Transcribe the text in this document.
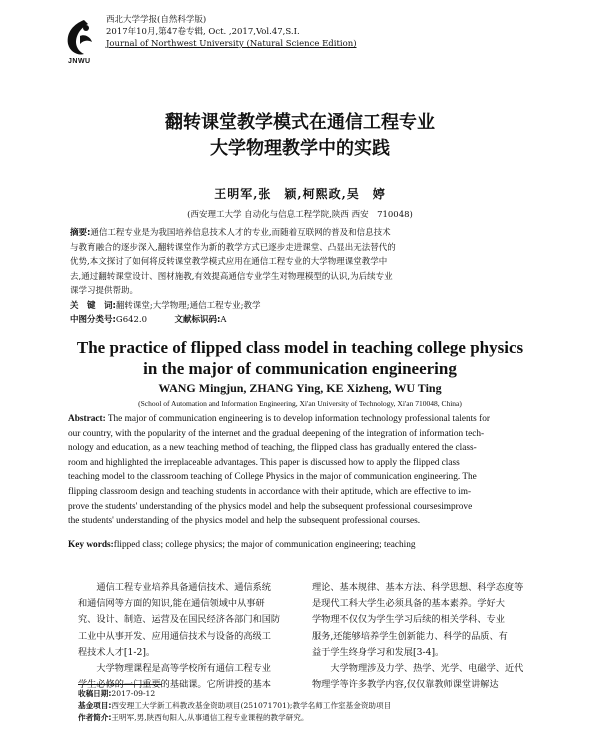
JNWU
西北大学学报(自然科学版)
2017年10月,第47卷专辑, Oct. ,2017,Vol.47,S.I.
Journal of Northwest University (Natural Science Edition)
翻转课堂教学模式在通信工程专业
大学物理教学中的实践
王明军,张　颖,柯熙政,吴　婷
(西安理工大学 自动化与信息工程学院,陕西 西安　710048)
摘要:通信工程专业是为我国培养信息技术人才的专业,而随着互联网的普及和信息技术
与教育融合的逐步深入,翻转课堂作为新的教学方式已逐步走进课堂、凸显出无法替代的
优势,本文探讨了如何将反转课堂教学模式应用在通信工程专业的大学物理课堂教学中
去,通过翻转课堂设计、图材施教,有效提高通信专业学生对物理模型的认识,为后续专业
课学习提供帮助。
关　键　词:翻转课堂;大学物理;通信工程专业;教学
中图分类号:G642.0	文献标识码:A
The practice of flipped class model in teaching college physics
in the major of communication engineering
WANG Mingjun, ZHANG Ying, KE Xizheng, WU Ting
(School of Automation and Information Engineering, Xi'an University of Technology, Xi'an 710048, China)
Abstract: The major of communication engineering is to develop information technology professional talents for
our country, with the popularity of the internet and the gradual deepening of the integration of information tech-
nology and education, as a new teaching method of teaching, the flipped class has gradually entered the class-
room and highlighted the irreplaceable advantages. This paper is discussed how to apply the flipped class
teaching model to the classroom teaching of College Physics in the major of communication engineering. The
flipping classroom design and teaching students in accordance with their aptitude, which are effective to im-
prove the students' understanding of the physics model and help the subsequent professional coursesimprove
the students' understanding of the physics model and help the subsequent professional courses.
Key words:flipped class; college physics; the major of communication engineering; teaching
通信工程专业培养具备通信技术、通信系统
和通信网等方面的知识,能在通信领域中从事研
究、设计、制造、运营及在国民经济各部门和国防
工业中从事开发、应用通信技术与设备的高级工
程技术人才[1-2]。
大学物理课程是高等学校所有通信工程专业
学生必修的一门重要的基础课。它所讲授的基本
理论、基本规律、基本方法、科学思想、科学态度等
是现代工科大学生必须具备的基本素养。学好大
学物理不仅仅为学生学习后续的相关学科、专业
服务,还能够培养学生创新能力、科学的品质、有
益于学生终身学习和发展[3-4]。
大学物理涉及力学、热学、光学、电磁学、近代
物理学等许多教学内容,仅仅靠教师课堂讲解达
收稿日期:2017-09-12
基金项目:西安理工大学新工科教改基金资助项目(251071701);教学名师工作室基金资助项目
作者简介:王明军,男,陕西旬阳人,从事通信工程专业课程的教学研究。
